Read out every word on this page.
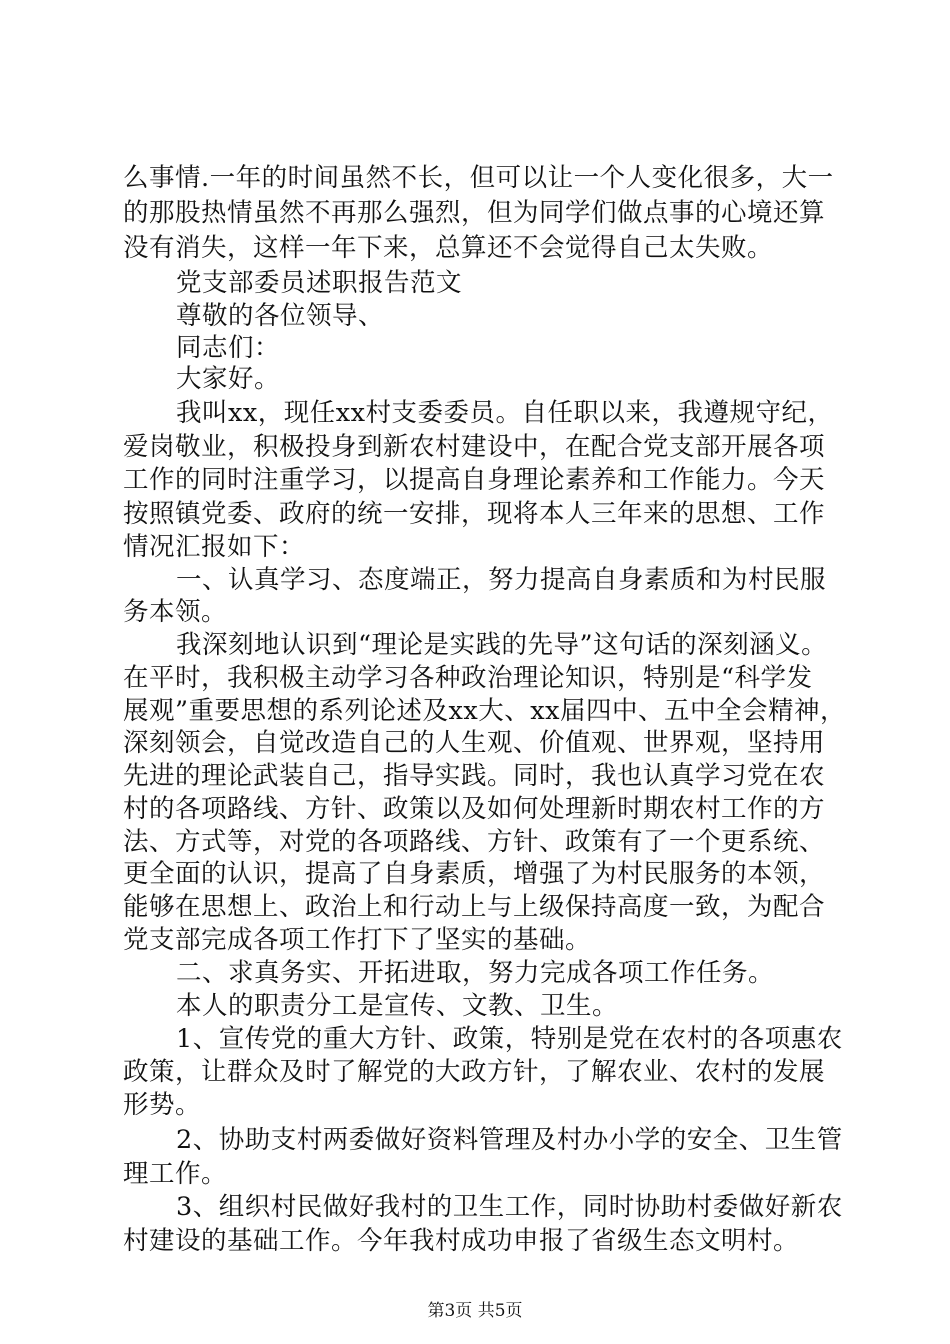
么事情.一年的时间虽然不长，但可以让一个人变化很多，大一
的那股热情虽然不再那么强烈，但为同学们做点事的心境还算
没有消失，这样一年下来，总算还不会觉得自己太失败。
党支部委员述职报告范文
尊敬的各位领导、
同志们：
大家好。
我叫xx，现任xx村支委委员。自任职以来，我遵规守纪，
爱岗敬业，积极投身到新农村建设中，在配合党支部开展各项
工作的同时注重学习，以提高自身理论素养和工作能力。今天
按照镇党委、政府的统一安排，现将本人三年来的思想、工作
情况汇报如下：
一、认真学习、态度端正，努力提高自身素质和为村民服
务本领。
我深刻地认识到“理论是实践的先导”这句话的深刻涵义。
在平时，我积极主动学习各种政治理论知识，特别是“科学发
展观”重要思想的系列论述及xx大、xx届四中、五中全会精神，
深刻领会，自觉改造自己的人生观、价值观、世界观，坚持用
先进的理论武装自己，指导实践。同时，我也认真学习党在农
村的各项路线、方针、政策以及如何处理新时期农村工作的方
法、方式等，对党的各项路线、方针、政策有了一个更系统、
更全面的认识，提高了自身素质，增强了为村民服务的本领，
能够在思想上、政治上和行动上与上级保持高度一致，为配合
党支部完成各项工作打下了坚实的基础。
二、求真务实、开拓进取，努力完成各项工作任务。
本人的职责分工是宣传、文教、卫生。
1、宣传党的重大方针、政策，特别是党在农村的各项惠农
政策，让群众及时了解党的大政方针，了解农业、农村的发展
形势。
2、协助支村两委做好资料管理及村办小学的安全、卫生管
理工作。
3、组织村民做好我村的卫生工作，同时协助村委做好新农
村建设的基础工作。今年我村成功申报了省级生态文明村。
第3页 共5页
